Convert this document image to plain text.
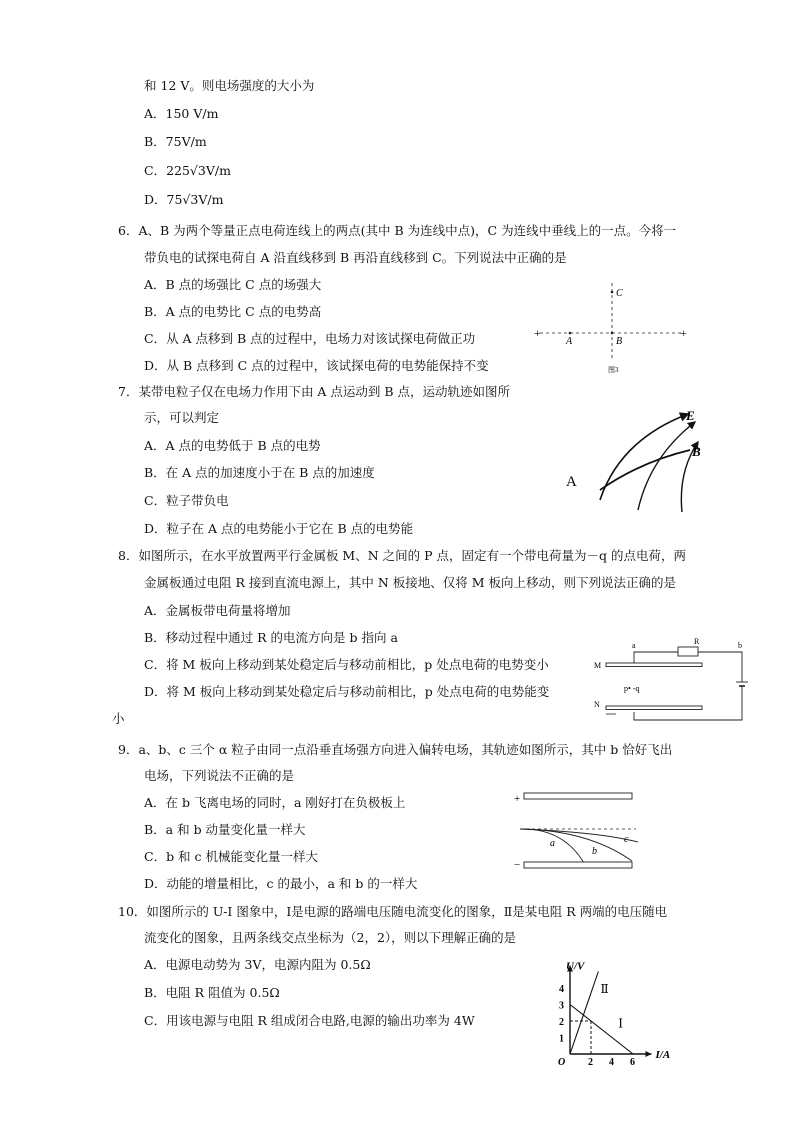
和 12 V。则电场强度的大小为
A．150 V/m
B．75V/m
C．225√3V/m
D．75√3V/m
6．A、B 为两个等量正点电荷连线上的两点(其中 B 为连线中点)，C 为连线中垂线上的一点。今将一
带负电的试探电荷自 A 沿直线移到 B 再沿直线移到 C。下列说法中正确的是
A．B 点的场强比 C 点的场强大
B．A 点的电势比 C 点的电势高
C．从 A 点移到 B 点的过程中，电场力对该试探电荷做正功
D．从 B 点移到 C 点的过程中，该试探电荷的电势能保持不变
+	+
C
A	B
图3
7．某带电粒子仅在电场力作用下由 A 点运动到 B 点，运动轨迹如图所
示，可以判定
A．A 点的电势低于 B 点的电势
B．在 A 点的加速度小于在 B 点的加速度
C．粒子带负电
D．粒子在 A 点的电势能小于它在 B 点的电势能
A
E
B
8．如图所示，在水平放置两平行金属板 M、N 之间的 P 点，固定有一个带电荷量为－q 的点电荷，两
金属板通过电阻 R 接到直流电源上，其中 N 板接地、仅将 M 板向上移动，则下列说法正确的是
A．金属板带电荷量将增加
B．移动过程中通过 R 的电流方向是 b 指向 a
C．将 M 板向上移动到某处稳定后与移动前相比，p 处点电荷的电势变小
D．将 M 板向上移动到某处稳定后与移动前相比，p 处点电荷的电势能变
小
a	R	b
M
p• -q
N
9．a、b、c 三个 α 粒子由同一点沿垂直场强方向进入偏转电场，其轨迹如图所示，其中 b 恰好飞出
电场，下列说法不正确的是
A．在 b 飞离电场的同时，a 刚好打在负极板上
B．a 和 b 动量变化量一样大
C．b 和 c 机械能变化量一样大
D．动能的增量相比，c 的最小，a 和 b 的一样大
+
a
b
c
−
10．如图所示的 U-I 图象中，Ⅰ是电源的路端电压随电流变化的图象，Ⅱ是某电阻 R 两端的电压随电
流变化的图象，且两条线交点坐标为（2，2），则以下理解正确的是
A．电源电动势为 3V，电源内阻为 0.5Ω
B．电阻 R 阻值为 0.5Ω
C．用该电源与电阻 R 组成闭合电路,电源的输出功率为 4W
U/V
I/A
O
1
2
3
4
2 4 6
Ⅰ
Ⅱ
